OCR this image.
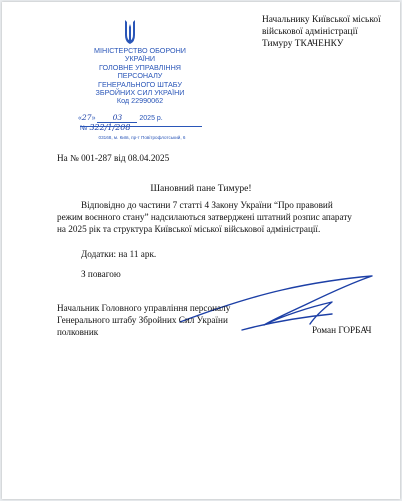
Начальнику Київської міської
військової адміністрації
Тимуру ТКАЧЕНКУ
МІНІСТЕРСТВО ОБОРОНИ
УКРАЇНИ
ГОЛОВНЕ УПРАВЛІННЯ
ПЕРСОНАЛУ
ГЕНЕРАЛЬНОГО ШТАБУ
ЗБРОЙНИХ СИЛ УКРАЇНИ
Код 22990062
«27» 03 2025 р.
№ 322/1/208
03168, м. Київ, пр-т Повітрофлотський, 6
На № 001-287 від 08.04.2025
Шановний пане Тимуре!
Відповідно до частини 7 статті 4 Закону України “Про правовий режим воєнного стану” надсилаються затверджені штатний розпис апарату на 2025 рік та структура Київської міської військової адміністрації.
Додатки: на 11 арк.
З повагою
Начальник Головного управління персоналу
Генерального штабу Збройних Сил України
полковник	Роман ГОРБАЧ
